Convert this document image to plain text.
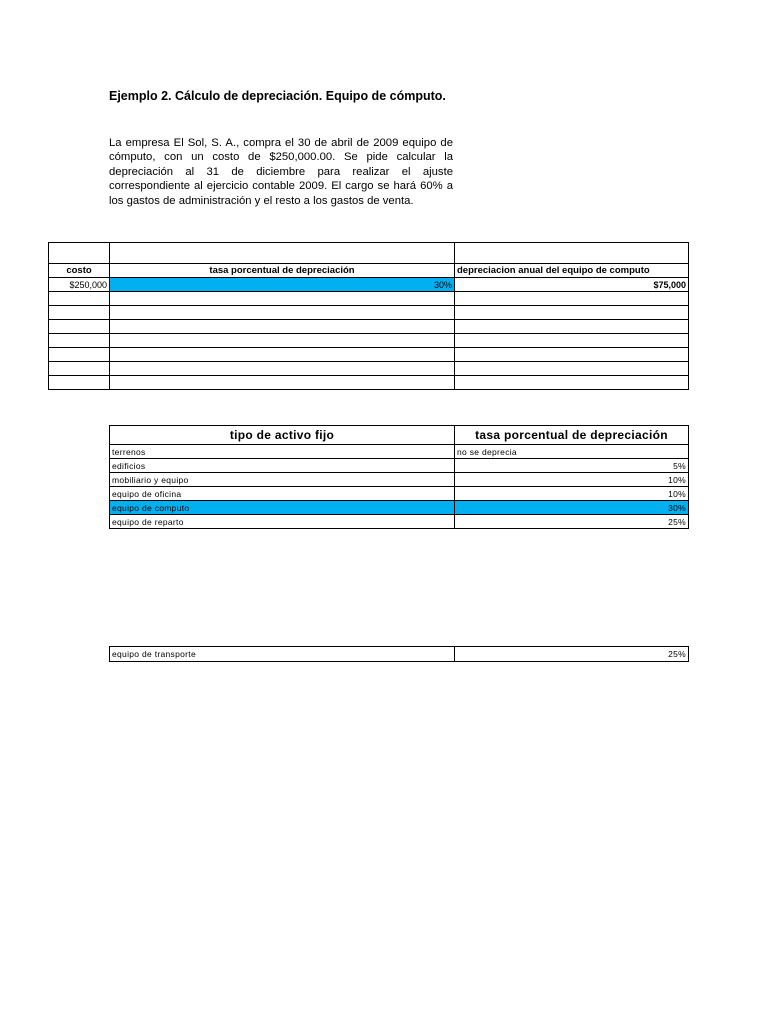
Ejemplo 2. Cálculo de depreciación. Equipo de cómputo.
La empresa El Sol, S. A., compra el 30 de abril de 2009 equipo de cómputo, con un costo de $250,000.00. Se pide calcular la depreciación al 31 de diciembre para realizar el ajuste correspondiente al ejercicio contable 2009. El cargo se hará 60% a los gastos de administración y el resto a los gastos de venta.

costo	tasa porcentual de depreciación	depreciacion anual del equipo de computo
$250,000	30%	$75,000

tipo de activo fijo	tasa porcentual de depreciación
terrenos	no se deprecia
edificios	5%
mobiliario y equipo	10%
equipo de oficina	10%
equipo de computo	30%
equipo de reparto	25%
equipo de transporte	25%
